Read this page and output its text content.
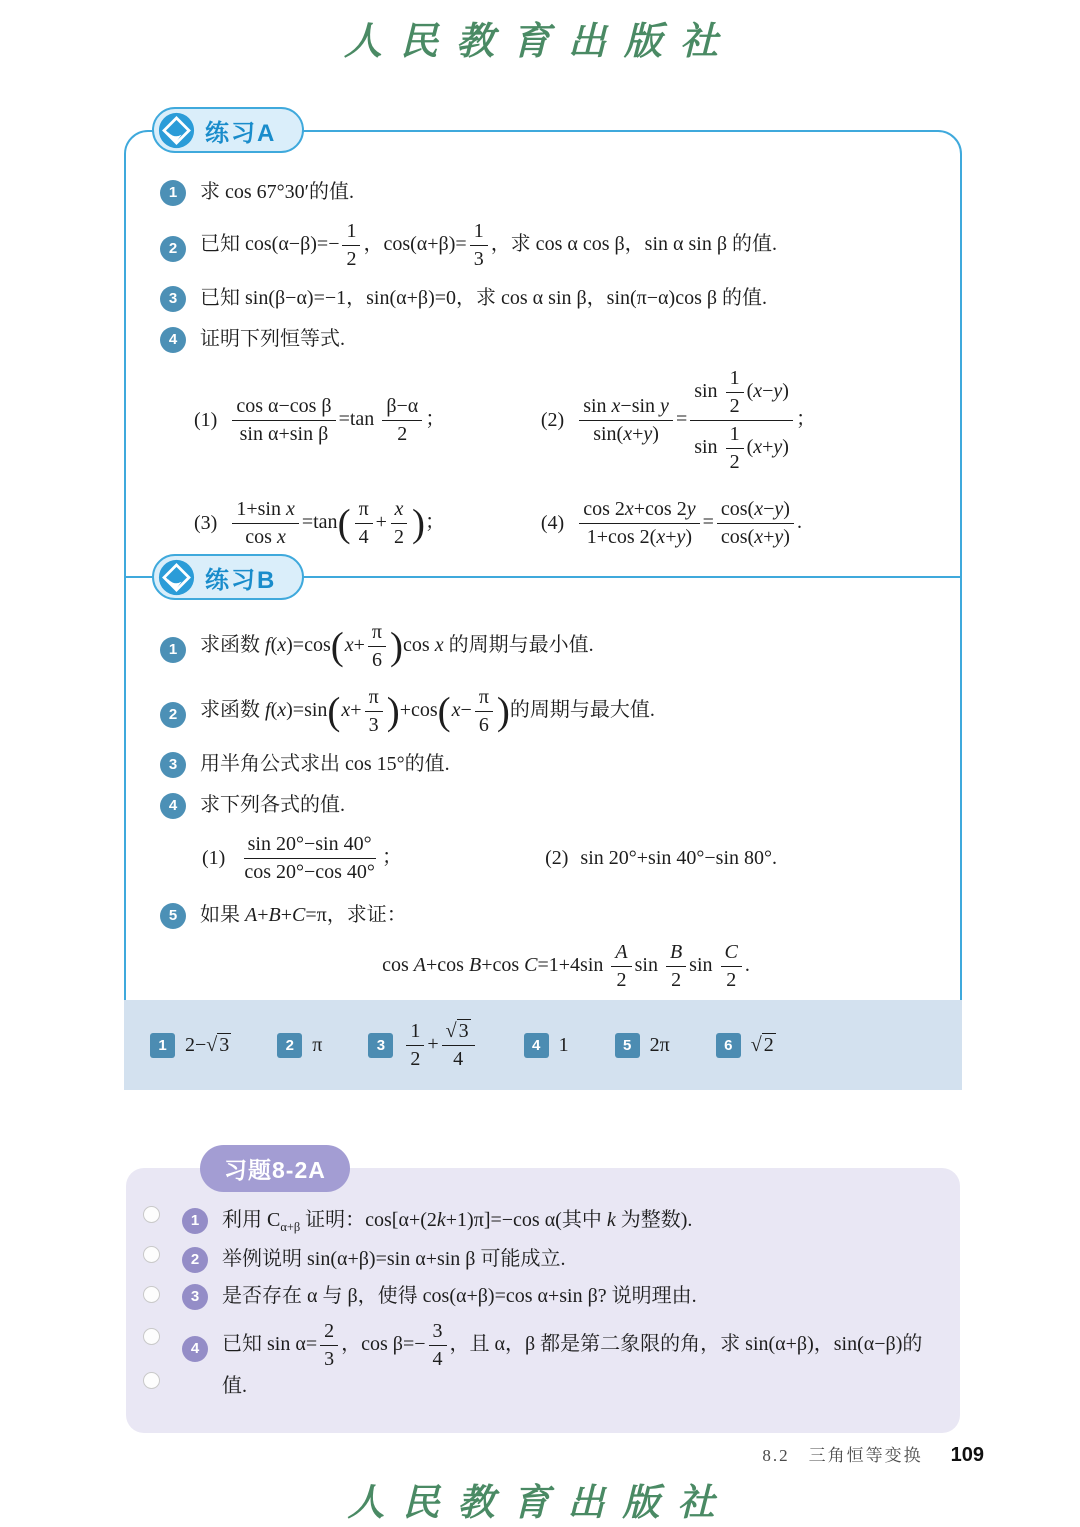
人民教育出版社
练习A
1	求 cos 67°30′的值.
2	已知 $\cos(\alpha-\beta)=- \frac{1}{2}$ ，$\cos(\alpha+\beta)= \frac{1}{3}$ ，求 cos α cos β，sin α sin β 的值.
3	已知 sin(β−α)=−1，sin(α+β)=0，求 cos α sin β，sin(π−α)cos β 的值.
4	证明下列恒等式.
$(1) \frac{\text{cos α−cos β}}{\text{sin α+sin β}} =\tan \frac{\beta-\alpha}{2}$ ；	$(2) \frac{\text{sin x−sin y}}{\sin(x+y)} = \frac{\sin \frac{1}{2} (x-y)}{\sin \frac{1}{2} (x+y)}$ ；
$(3) \frac{\text{1+sin x}}{\text{cos x}} =\tan$ ( $\frac{\pi}{4} + \frac{x}{2}$ ) ；	$(4) \frac{\cos 2x+\cos 2y}{1+\cos 2(x+y)} = \frac{\cos(x-y)}{\cos(x+y)}$ .
练习B
1	求函数 f(x)=cos ( $x+ \frac{\pi}{6}$ ) cos x 的周期与最小值.
2	求函数 f(x)=sin ( $x+ \frac{\pi}{3}$ ) +cos ( $x- \frac{\pi}{6}$ ) 的周期与最大值.
3	用半角公式求出 cos 15°的值.
4	求下列各式的值.
$(1) \frac{\sin 20^\circ-\sin 40^\circ}{\cos 20^\circ-\cos 40^\circ}$ ；	(2) sin 20°+sin 40°−sin 80°.
5	如果 A+B+C=π，求证：
cos A+cos B+cos $C=1+4\sin \frac{A}{2}$ $\sin \frac{B}{2}$ $\sin \frac{C}{2}$ .
1 2−√ 3	2 π	3	$\frac{1}{2} + \frac{√ 3}{4}$	4 1	5 2π	6 √ 2
习题8-2A
1	利用 $C_{\alpha+\beta}$ 证明：cos[α+(2k+1)π]=−cos α(其中 k 为整数).
2	举例说明 sin(α+β)=sin α+sin β 可能成立.
3	是否存在 α 与 β，使得 cos(α+β)=cos α+sin β? 说明理由.
4	已知 $\sin \alpha= \frac{2}{3}$ ，$\cos \beta=- \frac{3}{4}$ ，且 α，β 都是第二象限的角，求 sin(α+β)，sin(α−β)的值.
8.2　三角恒等变换 109
人民教育出版社
